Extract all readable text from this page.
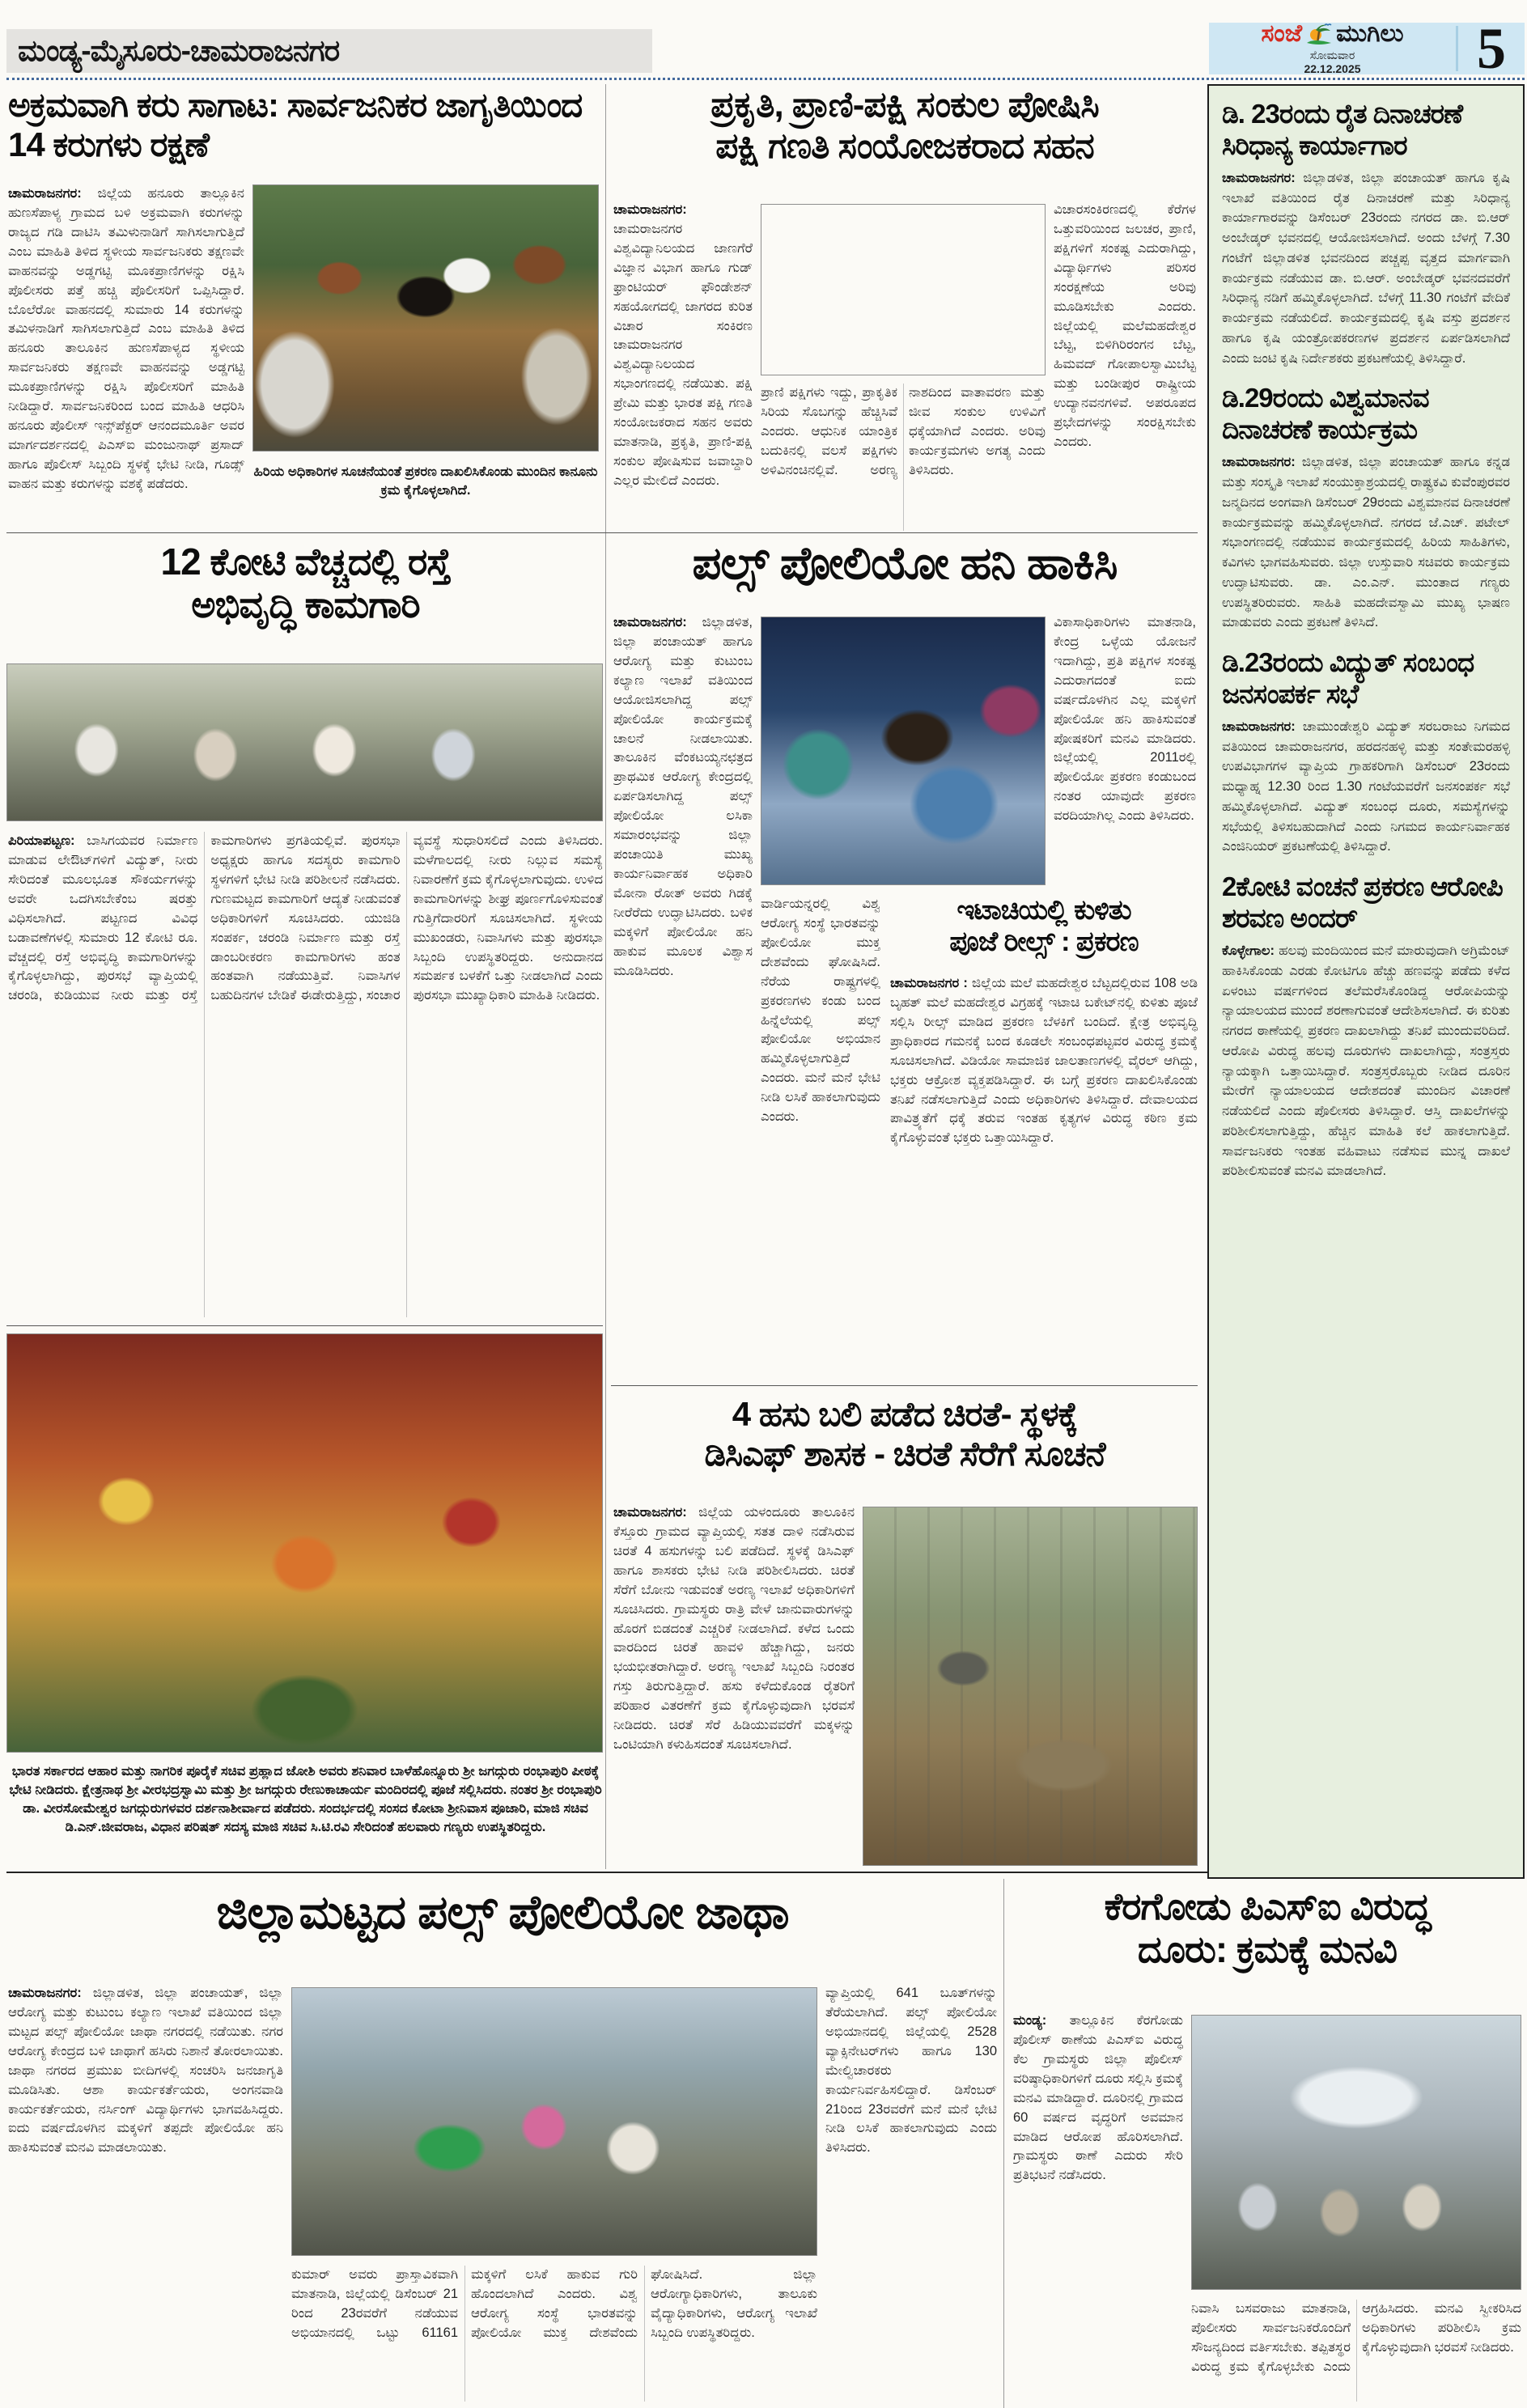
ಮಂಡ್ಯ-ಮೈಸೂರು-ಚಾಮರಾಜನಗರ	ಸಂಜೆ ಮುಗಿಲು
ಸೋಮವಾರ
22.12.2025	5
ಅಕ್ರಮವಾಗಿ ಕರು ಸಾಗಾಟ: ಸಾರ್ವಜನಿಕರ ಜಾಗೃತಿಯಿಂದ 14 ಕರುಗಳು ರಕ್ಷಣೆ
ಚಾಮರಾಜನಗರ: ಜಿಲ್ಲೆಯ ಹನೂರು ತಾಲ್ಲೂಕಿನ ಹುಣಸೆಪಾಳ್ಯ ಗ್ರಾಮದ ಬಳಿ ಅಕ್ರಮವಾಗಿ ಕರುಗಳನ್ನು ರಾಜ್ಯದ ಗಡಿ ದಾಟಿಸಿ ತಮಿಳುನಾಡಿಗೆ ಸಾಗಿಸಲಾಗುತ್ತಿದೆ ಎಂಬ ಮಾಹಿತಿ ತಿಳಿದ ಸ್ಥಳೀಯ ಸಾರ್ವಜನಿಕರು ತಕ್ಷಣವೇ ವಾಹನವನ್ನು ಅಡ್ಡಗಟ್ಟಿ ಮೂಕಪ್ರಾಣಿಗಳನ್ನು ರಕ್ಷಿಸಿ ಪೊಲೀಸರು ಪತ್ತೆ ಹಚ್ಚಿ ಪೊಲೀಸರಿಗೆ ಒಪ್ಪಿಸಿದ್ದಾರೆ. ಬೊಲೆರೋ ವಾಹನದಲ್ಲಿ ಸುಮಾರು 14 ಕರುಗಳನ್ನು ತಮಿಳನಾಡಿಗೆ ಸಾಗಿಸಲಾಗುತ್ತಿದೆ ಎಂಬ ಮಾಹಿತಿ ತಿಳಿದ ಹನೂರು ತಾಲೂಕಿನ ಹುಣಸೆಪಾಳ್ಯದ ಸ್ಥಳೀಯ ಸಾರ್ವಜನಿಕರು ತಕ್ಷಣವೇ ವಾಹನವನ್ನು ಅಡ್ಡಗಟ್ಟಿ ಮೂಕಪ್ರಾಣಿಗಳನ್ನು ರಕ್ಷಿಸಿ ಪೊಲೀಸರಿಗೆ ಮಾಹಿತಿ ನೀಡಿದ್ದಾರೆ. ಸಾರ್ವಜನಿಕರಿಂದ ಬಂದ ಮಾಹಿತಿ ಆಧರಿಸಿ ಹನೂರು ಪೊಲೀಸ್ ಇನ್ಸ್‌ಪೆಕ್ಟರ್ ಆನಂದಮೂರ್ತಿ ಅವರ ಮಾರ್ಗದರ್ಶನದಲ್ಲಿ ಪಿಎಸ್ಐ ಮಂಜುನಾಥ್ ಪ್ರಸಾದ್ ಹಾಗೂ ಪೊಲೀಸ್ ಸಿಬ್ಬಂದಿ ಸ್ಥಳಕ್ಕೆ ಭೇಟಿ ನೀಡಿ, ಗೂಡ್ಸ್ ವಾಹನ ಮತ್ತು ಕರುಗಳನ್ನು ವಶಕ್ಕೆ ಪಡೆದರು.
ಹಿರಿಯ ಅಧಿಕಾರಿಗಳ ಸೂಚನೆಯಂತೆ ಪ್ರಕರಣ ದಾಖಲಿಸಿಕೊಂಡು ಮುಂದಿನ ಕಾನೂನು ಕ್ರಮ ಕೈಗೊಳ್ಳಲಾಗಿದೆ.
ಪ್ರಕೃತಿ, ಪ್ರಾಣಿ-ಪಕ್ಷಿ ಸಂಕುಲ ಪೋಷಿಸಿ
ಪಕ್ಷಿ ಗಣತಿ ಸಂಯೋಜಕರಾದ ಸಹನ
ಚಾಮರಾಜನಗರ: ಚಾಮರಾಜನಗರ ವಿಶ್ವವಿದ್ಯಾನಿಲಯದ ಜಾಣಗೆರೆ ವಿಜ್ಞಾನ ವಿಭಾಗ ಹಾಗೂ ಗುಡ್ ಫ್ರಾಂಟಿಯರ್ ಫೌಂಡೇಶನ್ ಸಹಯೋಗದಲ್ಲಿ ಜಾಗರದ ಕುರಿತ ವಿಚಾರ ಸಂಕಿರಣ ಚಾಮರಾಜನಗರ ವಿಶ್ವವಿದ್ಯಾನಿಲಯದ ಸಭಾಂಗಣದಲ್ಲಿ ನಡೆಯಿತು. ಪಕ್ಷಿ ಪ್ರೇಮಿ ಮತ್ತು ಭಾರತ ಪಕ್ಷಿ ಗಣತಿ ಸಂಯೋಜಕರಾದ ಸಹನ ಅವರು ಮಾತನಾಡಿ, ಪ್ರಕೃತಿ, ಪ್ರಾಣಿ-ಪಕ್ಷಿ ಸಂಕುಲ ಪೋಷಿಸುವ ಜವಾಬ್ದಾರಿ ಎಲ್ಲರ ಮೇಲಿದೆ ಎಂದರು.
ಪ್ರಾಣಿ ಪಕ್ಷಿಗಳು ಇದ್ದು, ಪ್ರಾಕೃತಿಕ ಸಿರಿಯ ಸೊಬಗನ್ನು ಹೆಚ್ಚಿಸಿವೆ ಎಂದರು. ಆಧುನಿಕ ಯಾಂತ್ರಿಕ ಬದುಕಿನಲ್ಲಿ ವಲಸೆ ಪಕ್ಷಿಗಳು ಅಳಿವಿನಂಚಿನಲ್ಲಿವೆ. ಅರಣ್ಯ ನಾಶದಿಂದ ವಾತಾವರಣ ಮತ್ತು ಜೀವ ಸಂಕುಲ ಉಳಿವಿಗೆ ಧಕ್ಕೆಯಾಗಿದೆ ಎಂದರು. ಅರಿವು ಕಾರ್ಯಕ್ರಮಗಳು ಅಗತ್ಯ ಎಂದು ತಿಳಿಸಿದರು.
ವಿಚಾರಸಂಕಿರಣದಲ್ಲಿ ಕೆರೆಗಳ ಒತ್ತುವರಿಯಿಂದ ಜಲಚರ, ಪ್ರಾಣಿ, ಪಕ್ಷಿಗಳಿಗೆ ಸಂಕಷ್ಟ ಎದುರಾಗಿದ್ದು, ವಿದ್ಯಾರ್ಥಿಗಳು ಪರಿಸರ ಸಂರಕ್ಷಣೆಯ ಅರಿವು ಮೂಡಿಸಬೇಕು ಎಂದರು. ಜಿಲ್ಲೆಯಲ್ಲಿ ಮಲೆಮಹದೇಶ್ವರ ಬೆಟ್ಟ, ಬಿಳಿಗಿರಿರಂಗನ ಬೆಟ್ಟ, ಹಿಮವದ್ ಗೋಪಾಲಸ್ವಾಮಿಬೆಟ್ಟ ಮತ್ತು ಬಂಡೀಪುರ ರಾಷ್ಟ್ರೀಯ ಉದ್ಯಾನವನಗಳಿವೆ. ಅಪರೂಪದ ಪ್ರಭೇದಗಳನ್ನು ಸಂರಕ್ಷಿಸಬೇಕು ಎಂದರು.
12 ಕೋಟಿ ವೆಚ್ಚದಲ್ಲಿ ರಸ್ತೆ
ಅಭಿವೃದ್ಧಿ ಕಾಮಗಾರಿ
ಪಿರಿಯಾಪಟ್ಟಣ: ಬಾಸಿಗಯವರ ನಿರ್ಮಾಣ ಮಾಡುವ ಲೇಔಟ್‌ಗಳಿಗೆ ವಿದ್ಯುತ್, ನೀರು ಸೇರಿದಂತೆ ಮೂಲಭೂತ ಸೌಕರ್ಯಗಳನ್ನು ಅವರೇ ಒದಗಿಸಬೇಕೆಂಬ ಷರತ್ತು ವಿಧಿಸಲಾಗಿದೆ. ಪಟ್ಟಣದ ವಿವಿಧ ಬಡಾವಣೆಗಳಲ್ಲಿ ಸುಮಾರು 12 ಕೋಟಿ ರೂ. ವೆಚ್ಚದಲ್ಲಿ ರಸ್ತೆ ಅಭಿವೃದ್ಧಿ ಕಾಮಗಾರಿಗಳನ್ನು ಕೈಗೊಳ್ಳಲಾಗಿದ್ದು, ಪುರಸಭೆ ವ್ಯಾಪ್ತಿಯಲ್ಲಿ ಚರಂಡಿ, ಕುಡಿಯುವ ನೀರು ಮತ್ತು ರಸ್ತೆ ಕಾಮಗಾರಿಗಳು ಪ್ರಗತಿಯಲ್ಲಿವೆ. ಪುರಸಭಾ ಅಧ್ಯಕ್ಷರು ಹಾಗೂ ಸದಸ್ಯರು ಕಾಮಗಾರಿ ಸ್ಥಳಗಳಿಗೆ ಭೇಟಿ ನೀಡಿ ಪರಿಶೀಲನೆ ನಡೆಸಿದರು. ಗುಣಮಟ್ಟದ ಕಾಮಗಾರಿಗೆ ಆದ್ಯತೆ ನೀಡುವಂತೆ ಅಧಿಕಾರಿಗಳಿಗೆ ಸೂಚಿಸಿದರು. ಯುಜಿಡಿ ಸಂಪರ್ಕ, ಚರಂಡಿ ನಿರ್ಮಾಣ ಮತ್ತು ರಸ್ತೆ ಡಾಂಬರೀಕರಣ ಕಾಮಗಾರಿಗಳು ಹಂತ ಹಂತವಾಗಿ ನಡೆಯುತ್ತಿವೆ. ನಿವಾಸಿಗಳ ಬಹುದಿನಗಳ ಬೇಡಿಕೆ ಈಡೇರುತ್ತಿದ್ದು, ಸಂಚಾರ ವ್ಯವಸ್ಥೆ ಸುಧಾರಿಸಲಿದೆ ಎಂದು ತಿಳಿಸಿದರು. ಮಳೆಗಾಲದಲ್ಲಿ ನೀರು ನಿಲ್ಲುವ ಸಮಸ್ಯೆ ನಿವಾರಣೆಗೆ ಕ್ರಮ ಕೈಗೊಳ್ಳಲಾಗುವುದು. ಉಳಿದ ಕಾಮಗಾರಿಗಳನ್ನು ಶೀಘ್ರ ಪೂರ್ಣಗೊಳಿಸುವಂತೆ ಗುತ್ತಿಗೆದಾರರಿಗೆ ಸೂಚಿಸಲಾಗಿದೆ. ಸ್ಥಳೀಯ ಮುಖಂಡರು, ನಿವಾಸಿಗಳು ಮತ್ತು ಪುರಸಭಾ ಸಿಬ್ಬಂದಿ ಉಪಸ್ಥಿತರಿದ್ದರು. ಅನುದಾನದ ಸಮರ್ಪಕ ಬಳಕೆಗೆ ಒತ್ತು ನೀಡಲಾಗಿದೆ ಎಂದು ಪುರಸಭಾ ಮುಖ್ಯಾಧಿಕಾರಿ ಮಾಹಿತಿ ನೀಡಿದರು.
ಪಲ್ಸ್ ಪೋಲಿಯೋ ಹನಿ ಹಾಕಿಸಿ
ಚಾಮರಾಜನಗರ: ಜಿಲ್ಲಾಡಳಿತ, ಜಿಲ್ಲಾ ಪಂಚಾಯತ್ ಹಾಗೂ ಆರೋಗ್ಯ ಮತ್ತು ಕುಟುಂಬ ಕಲ್ಯಾಣ ಇಲಾಖೆ ವತಿಯಿಂದ ಆಯೋಜಿಸಲಾಗಿದ್ದ ಪಲ್ಸ್ ಪೋಲಿಯೋ ಕಾರ್ಯಕ್ರಮಕ್ಕೆ ಚಾಲನೆ ನೀಡಲಾಯಿತು. ತಾಲೂಕಿನ ವೆಂಕಟಯ್ಯನಛತ್ರದ ಪ್ರಾಥಮಿಕ ಆರೋಗ್ಯ ಕೇಂದ್ರದಲ್ಲಿ ಏರ್ಪಡಿಸಲಾಗಿದ್ದ ಪಲ್ಸ್ ಪೋಲಿಯೋ ಲಸಿಕಾ ಸಮಾರಂಭವನ್ನು ಜಿಲ್ಲಾ ಪಂಚಾಯಿತಿ ಮುಖ್ಯ ಕಾರ್ಯನಿರ್ವಾಹಕ ಅಧಿಕಾರಿ ಮೋನಾ ರೋತ್ ಅವರು ಗಿಡಕ್ಕೆ ನೀರೆರೆದು ಉದ್ಘಾಟಿಸಿದರು. ಬಳಿಕ ಮಕ್ಕಳಿಗೆ ಪೋಲಿಯೋ ಹನಿ ಹಾಕುವ ಮೂಲಕ ವಿಶ್ವಾಸ ಮೂಡಿಸಿದರು.
ವಾರ್ಡಿಯನ್ನರಲ್ಲಿ ವಿಶ್ವ ಆರೋಗ್ಯ ಸಂಸ್ಥೆ ಭಾರತವನ್ನು ಪೋಲಿಯೋ ಮುಕ್ತ ದೇಶವೆಂದು ಘೋಷಿಸಿದೆ. ನೆರೆಯ ರಾಷ್ಟ್ರಗಳಲ್ಲಿ ಪ್ರಕರಣಗಳು ಕಂಡು ಬಂದ ಹಿನ್ನೆಲೆಯಲ್ಲಿ ಪಲ್ಸ್ ಪೋಲಿಯೋ ಅಭಿಯಾನ ಹಮ್ಮಿಕೊಳ್ಳಲಾಗುತ್ತಿದೆ ಎಂದರು. ಮನೆ ಮನೆ ಭೇಟಿ ನೀಡಿ ಲಸಿಕೆ ಹಾಕಲಾಗುವುದು ಎಂದರು.
ವಿಕಾಸಾಧಿಕಾರಿಗಳು ಮಾತನಾಡಿ, ಕೇಂದ್ರ ಒಳ್ಳೆಯ ಯೋಜನೆ ಇದಾಗಿದ್ದು, ಪ್ರತಿ ಪಕ್ಷಿಗಳ ಸಂಕಷ್ಟ ಎದುರಾಗದಂತೆ ಐದು ವರ್ಷದೊಳಗಿನ ಎಲ್ಲ ಮಕ್ಕಳಿಗೆ ಪೋಲಿಯೋ ಹನಿ ಹಾಕಿಸುವಂತೆ ಪೋಷಕರಿಗೆ ಮನವಿ ಮಾಡಿದರು. ಜಿಲ್ಲೆಯಲ್ಲಿ 2011ರಲ್ಲಿ ಪೋಲಿಯೋ ಪ್ರಕರಣ ಕಂಡುಬಂದ ನಂತರ ಯಾವುದೇ ಪ್ರಕರಣ ವರದಿಯಾಗಿಲ್ಲ ಎಂದು ತಿಳಿಸಿದರು.
ಇಟಾಚಿಯಲ್ಲಿ ಕುಳಿತು
ಪೂಜೆ ರೀಲ್ಸ್ : ಪ್ರಕರಣ
ಚಾಮರಾಜನಗರ : ಜಿಲ್ಲೆಯ ಮಲೆ ಮಹದೇಶ್ವರ ಬೆಟ್ಟದಲ್ಲಿರುವ 108 ಅಡಿ ಬೃಹತ್ ಮಲೆ ಮಹದೇಶ್ವರ ವಿಗ್ರಹಕ್ಕೆ ಇಟಾಚಿ ಬಕೇಟ್‌ನಲ್ಲಿ ಕುಳಿತು ಪೂಜೆ ಸಲ್ಲಿಸಿ ರೀಲ್ಸ್ ಮಾಡಿದ ಪ್ರಕರಣ ಬೆಳಕಿಗೆ ಬಂದಿದೆ. ಕ್ಷೇತ್ರ ಅಭಿವೃದ್ಧಿ ಪ್ರಾಧಿಕಾರದ ಗಮನಕ್ಕೆ ಬಂದ ಕೂಡಲೇ ಸಂಬಂಧಪಟ್ಟವರ ವಿರುದ್ಧ ಕ್ರಮಕ್ಕೆ ಸೂಚಿಸಲಾಗಿದೆ. ವಿಡಿಯೋ ಸಾಮಾಜಿಕ ಜಾಲತಾಣಗಳಲ್ಲಿ ವೈರಲ್ ಆಗಿದ್ದು, ಭಕ್ತರು ಆಕ್ರೋಶ ವ್ಯಕ್ತಪಡಿಸಿದ್ದಾರೆ. ಈ ಬಗ್ಗೆ ಪ್ರಕರಣ ದಾಖಲಿಸಿಕೊಂಡು ತನಿಖೆ ನಡೆಸಲಾಗುತ್ತಿದೆ ಎಂದು ಅಧಿಕಾರಿಗಳು ತಿಳಿಸಿದ್ದಾರೆ. ದೇವಾಲಯದ ಪಾವಿತ್ರ್ಯತೆಗೆ ಧಕ್ಕೆ ತರುವ ಇಂತಹ ಕೃತ್ಯಗಳ ವಿರುದ್ಧ ಕಠಿಣ ಕ್ರಮ ಕೈಗೊಳ್ಳುವಂತೆ ಭಕ್ತರು ಒತ್ತಾಯಿಸಿದ್ದಾರೆ.
ಭಾರತ ಸರ್ಕಾರದ ಆಹಾರ ಮತ್ತು ನಾಗರಿಕ ಪೂರೈಕೆ ಸಚಿವ ಪ್ರಹ್ಲಾದ ಜೋಶಿ ಅವರು ಶನಿವಾರ ಬಾಳೆಹೊನ್ನೂರು ಶ್ರೀ ಜಗದ್ಗುರು ರಂಭಾಪುರಿ ಪೀಠಕ್ಕೆ ಭೇಟಿ ನೀಡಿದರು. ಕ್ಷೇತ್ರನಾಥ ಶ್ರೀ ವೀರಭದ್ರಸ್ವಾಮಿ ಮತ್ತು ಶ್ರೀ ಜಗದ್ಗುರು ರೇಣುಕಾಚಾರ್ಯ ಮಂದಿರದಲ್ಲಿ ಪೂಜೆ ಸಲ್ಲಿಸಿದರು. ನಂತರ ಶ್ರೀ ರಂಭಾಪುರಿ ಡಾ. ವೀರಸೋಮೇಶ್ವರ ಜಗದ್ಗುರುಗಳವರ ದರ್ಶನಾಶೀರ್ವಾದ ಪಡೆದರು. ಸಂದರ್ಭದಲ್ಲಿ ಸಂಸದ ಕೋಟಾ ಶ್ರೀನಿವಾಸ ಪೂಜಾರಿ, ಮಾಜಿ ಸಚಿವ ಡಿ.ಎನ್.ಜೀವರಾಜ, ವಿಧಾನ ಪರಿಷತ್ ಸದಸ್ಯ ಮಾಜಿ ಸಚಿವ ಸಿ.ಟಿ.ರವಿ ಸೇರಿದಂತೆ ಹಲವಾರು ಗಣ್ಯರು ಉಪಸ್ಥಿತರಿದ್ದರು.
4 ಹಸು ಬಲಿ ಪಡೆದ ಚಿರತೆ- ಸ್ಥಳಕ್ಕೆ
ಡಿಸಿಎಫ್ ಶಾಸಕ - ಚಿರತೆ ಸೆರೆಗೆ ಸೂಚನೆ
ಚಾಮರಾಜನಗರ: ಜಿಲ್ಲೆಯ ಯಳಂದೂರು ತಾಲೂಕಿನ ಕೆಸ್ತೂರು ಗ್ರಾಮದ ವ್ಯಾಪ್ತಿಯಲ್ಲಿ ಸತತ ದಾಳಿ ನಡೆಸಿರುವ ಚಿರತೆ 4 ಹಸುಗಳನ್ನು ಬಲಿ ಪಡೆದಿದೆ. ಸ್ಥಳಕ್ಕೆ ಡಿಸಿಎಫ್ ಹಾಗೂ ಶಾಸಕರು ಭೇಟಿ ನೀಡಿ ಪರಿಶೀಲಿಸಿದರು. ಚಿರತೆ ಸೆರೆಗೆ ಬೋನು ಇಡುವಂತೆ ಅರಣ್ಯ ಇಲಾಖೆ ಅಧಿಕಾರಿಗಳಿಗೆ ಸೂಚಿಸಿದರು. ಗ್ರಾಮಸ್ಥರು ರಾತ್ರಿ ವೇಳೆ ಜಾನುವಾರುಗಳನ್ನು ಹೊರಗೆ ಬಿಡದಂತೆ ಎಚ್ಚರಿಕೆ ನೀಡಲಾಗಿದೆ. ಕಳೆದ ಒಂದು ವಾರದಿಂದ ಚಿರತೆ ಹಾವಳಿ ಹೆಚ್ಚಾಗಿದ್ದು, ಜನರು ಭಯಭೀತರಾಗಿದ್ದಾರೆ. ಅರಣ್ಯ ಇಲಾಖೆ ಸಿಬ್ಬಂದಿ ನಿರಂತರ ಗಸ್ತು ತಿರುಗುತ್ತಿದ್ದಾರೆ. ಹಸು ಕಳೆದುಕೊಂಡ ರೈತರಿಗೆ ಪರಿಹಾರ ವಿತರಣೆಗೆ ಕ್ರಮ ಕೈಗೊಳ್ಳುವುದಾಗಿ ಭರವಸೆ ನೀಡಿದರು. ಚಿರತೆ ಸೆರೆ ಹಿಡಿಯುವವರೆಗೆ ಮಕ್ಕಳನ್ನು ಒಂಟಿಯಾಗಿ ಕಳುಹಿಸದಂತೆ ಸೂಚಿಸಲಾಗಿದೆ.
ಜಿಲ್ಲಾಮಟ್ಟದ ಪಲ್ಸ್ ಪೋಲಿಯೋ ಜಾಥಾ
ಚಾಮರಾಜನಗರ: ಜಿಲ್ಲಾಡಳಿತ, ಜಿಲ್ಲಾ ಪಂಚಾಯತ್, ಜಿಲ್ಲಾ ಆರೋಗ್ಯ ಮತ್ತು ಕುಟುಂಬ ಕಲ್ಯಾಣ ಇಲಾಖೆ ವತಿಯಿಂದ ಜಿಲ್ಲಾ ಮಟ್ಟದ ಪಲ್ಸ್ ಪೋಲಿಯೋ ಜಾಥಾ ನಗರದಲ್ಲಿ ನಡೆಯಿತು. ನಗರ ಆರೋಗ್ಯ ಕೇಂದ್ರದ ಬಳಿ ಜಾಥಾಗೆ ಹಸಿರು ನಿಶಾನೆ ತೋರಲಾಯಿತು. ಜಾಥಾ ನಗರದ ಪ್ರಮುಖ ಬೀದಿಗಳಲ್ಲಿ ಸಂಚರಿಸಿ ಜನಜಾಗೃತಿ ಮೂಡಿಸಿತು. ಆಶಾ ಕಾರ್ಯಕರ್ತೆಯರು, ಅಂಗನವಾಡಿ ಕಾರ್ಯಕರ್ತೆಯರು, ನರ್ಸಿಂಗ್ ವಿದ್ಯಾರ್ಥಿಗಳು ಭಾಗವಹಿಸಿದ್ದರು. ಐದು ವರ್ಷದೊಳಗಿನ ಮಕ್ಕಳಿಗೆ ತಪ್ಪದೇ ಪೋಲಿಯೋ ಹನಿ ಹಾಕಿಸುವಂತೆ ಮನವಿ ಮಾಡಲಾಯಿತು.
ವ್ಯಾಪ್ತಿಯಲ್ಲಿ 641 ಬೂತ್‌ಗಳನ್ನು ತೆರೆಯಲಾಗಿದೆ. ಪಲ್ಸ್ ಪೋಲಿಯೋ ಅಭಿಯಾನದಲ್ಲಿ ಜಿಲ್ಲೆಯಲ್ಲಿ 2528 ವ್ಯಾಕ್ಸಿನೇಟರ್‌ಗಳು ಹಾಗೂ 130 ಮೇಲ್ವಿಚಾರಕರು ಕಾರ್ಯನಿರ್ವಹಿಸಲಿದ್ದಾರೆ. ಡಿಸೆಂಬರ್ 21ರಿಂದ 23ರವರೆಗೆ ಮನೆ ಮನೆ ಭೇಟಿ ನೀಡಿ ಲಸಿಕೆ ಹಾಕಲಾಗುವುದು ಎಂದು ತಿಳಿಸಿದರು.
ಕುಮಾರ್ ಅವರು ಪ್ರಾಸ್ತಾವಿಕವಾಗಿ ಮಾತನಾಡಿ, ಜಿಲ್ಲೆಯಲ್ಲಿ ಡಿಸೆಂಬರ್ 21 ರಿಂದ 23ರವರೆಗೆ ನಡೆಯುವ ಅಭಿಯಾನದಲ್ಲಿ ಒಟ್ಟು 61161 ಮಕ್ಕಳಿಗೆ ಲಸಿಕೆ ಹಾಕುವ ಗುರಿ ಹೊಂದಲಾಗಿದೆ ಎಂದರು. ವಿಶ್ವ ಆರೋಗ್ಯ ಸಂಸ್ಥೆ ಭಾರತವನ್ನು ಪೋಲಿಯೋ ಮುಕ್ತ ದೇಶವೆಂದು ಘೋಷಿಸಿದೆ. ಜಿಲ್ಲಾ ಆರೋಗ್ಯಾಧಿಕಾರಿಗಳು, ತಾಲೂಕು ವೈದ್ಯಾಧಿಕಾರಿಗಳು, ಆರೋಗ್ಯ ಇಲಾಖೆ ಸಿಬ್ಬಂದಿ ಉಪಸ್ಥಿತರಿದ್ದರು.
ಕೆರಗೋಡು ಪಿಎಸ್‌ಐ ವಿರುದ್ಧ
ದೂರು: ಕ್ರಮಕ್ಕೆ ಮನವಿ
ಮಂಡ್ಯ: ತಾಲ್ಲೂಕಿನ ಕೆರಗೋಡು ಪೊಲೀಸ್ ಠಾಣೆಯ ಪಿಎಸ್ಐ ವಿರುದ್ಧ ಕೆಲ ಗ್ರಾಮಸ್ಥರು ಜಿಲ್ಲಾ ಪೊಲೀಸ್ ವರಿಷ್ಠಾಧಿಕಾರಿಗಳಿಗೆ ದೂರು ಸಲ್ಲಿಸಿ ಕ್ರಮಕ್ಕೆ ಮನವಿ ಮಾಡಿದ್ದಾರೆ. ದೂರಿನಲ್ಲಿ ಗ್ರಾಮದ 60 ವರ್ಷದ ವೃದ್ಧರಿಗೆ ಅವಮಾನ ಮಾಡಿದ ಆರೋಪ ಹೊರಿಸಲಾಗಿದೆ. ಗ್ರಾಮಸ್ಥರು ಠಾಣೆ ಎದುರು ಸೇರಿ ಪ್ರತಿಭಟನೆ ನಡೆಸಿದರು.
ನಿವಾಸಿ ಬಸವರಾಜು ಮಾತನಾಡಿ, ಪೊಲೀಸರು ಸಾರ್ವಜನಿಕರೊಂದಿಗೆ ಸೌಜನ್ಯದಿಂದ ವರ್ತಿಸಬೇಕು. ತಪ್ಪಿತಸ್ಥರ ವಿರುದ್ಧ ಕ್ರಮ ಕೈಗೊಳ್ಳಬೇಕು ಎಂದು ಆಗ್ರಹಿಸಿದರು. ಮನವಿ ಸ್ವೀಕರಿಸಿದ ಅಧಿಕಾರಿಗಳು ಪರಿಶೀಲಿಸಿ ಕ್ರಮ ಕೈಗೊಳ್ಳುವುದಾಗಿ ಭರವಸೆ ನೀಡಿದರು.
ಡಿ. 23ರಂದು ರೈತ ದಿನಾಚರಣೆ ಸಿರಿಧಾನ್ಯ ಕಾರ್ಯಾಗಾರ
ಚಾಮರಾಜನಗರ: ಜಿಲ್ಲಾಡಳಿತ, ಜಿಲ್ಲಾ ಪಂಚಾಯತ್ ಹಾಗೂ ಕೃಷಿ ಇಲಾಖೆ ವತಿಯಿಂದ ರೈತ ದಿನಾಚರಣೆ ಮತ್ತು ಸಿರಿಧಾನ್ಯ ಕಾರ್ಯಾಗಾರವನ್ನು ಡಿಸೆಂಬರ್ 23ರಂದು ನಗರದ ಡಾ. ಬಿ.ಆರ್ ಅಂಬೇಡ್ಕರ್ ಭವನದಲ್ಲಿ ಆಯೋಜಿಸಲಾಗಿದೆ. ಅಂದು ಬೆಳಗ್ಗೆ 7.30 ಗಂಟೆಗೆ ಜಿಲ್ಲಾಡಳಿತ ಭವನದಿಂದ ಪಚ್ಚಪ್ಪ ವೃತ್ತದ ಮಾರ್ಗವಾಗಿ ಕಾರ್ಯಕ್ರಮ ನಡೆಯುವ ಡಾ. ಬಿ.ಆರ್. ಅಂಬೇಡ್ಕರ್ ಭವನದವರೆಗೆ ಸಿರಿಧಾನ್ಯ ನಡಿಗೆ ಹಮ್ಮಿಕೊಳ್ಳಲಾಗಿದೆ. ಬೆಳಗ್ಗೆ 11.30 ಗಂಟೆಗೆ ವೇದಿಕೆ ಕಾರ್ಯಕ್ರಮ ನಡೆಯಲಿದೆ. ಕಾರ್ಯಕ್ರಮದಲ್ಲಿ ಕೃಷಿ ವಸ್ತು ಪ್ರದರ್ಶನ ಹಾಗೂ ಕೃಷಿ ಯಂತ್ರೋಪಕರಣಗಳ ಪ್ರದರ್ಶನ ಏರ್ಪಡಿಸಲಾಗಿದೆ ಎಂದು ಜಂಟಿ ಕೃಷಿ ನಿರ್ದೇಶಕರು ಪ್ರಕಟಣೆಯಲ್ಲಿ ತಿಳಿಸಿದ್ದಾರೆ.
ಡಿ.29ರಂದು ವಿಶ್ವಮಾನವ ದಿನಾಚರಣೆ ಕಾರ್ಯಕ್ರಮ
ಚಾಮರಾಜನಗರ: ಜಿಲ್ಲಾಡಳಿತ, ಜಿಲ್ಲಾ ಪಂಚಾಯತ್ ಹಾಗೂ ಕನ್ನಡ ಮತ್ತು ಸಂಸ್ಕೃತಿ ಇಲಾಖೆ ಸಂಯುಕ್ತಾಶ್ರಯದಲ್ಲಿ ರಾಷ್ಟ್ರಕವಿ ಕುವೆಂಪುರವರ ಜನ್ಮದಿನದ ಅಂಗವಾಗಿ ಡಿಸೆಂಬರ್ 29ರಂದು ವಿಶ್ವಮಾನವ ದಿನಾಚರಣೆ ಕಾರ್ಯಕ್ರಮವನ್ನು ಹಮ್ಮಿಕೊಳ್ಳಲಾಗಿದೆ. ನಗರದ ಜೆ.ಎಚ್. ಪಟೇಲ್ ಸಭಾಂಗಣದಲ್ಲಿ ನಡೆಯುವ ಕಾರ್ಯಕ್ರಮದಲ್ಲಿ ಹಿರಿಯ ಸಾಹಿತಿಗಳು, ಕವಿಗಳು ಭಾಗವಹಿಸುವರು. ಜಿಲ್ಲಾ ಉಸ್ತುವಾರಿ ಸಚಿವರು ಕಾರ್ಯಕ್ರಮ ಉದ್ಘಾಟಿಸುವರು. ಡಾ. ಎಂ.ಎನ್. ಮುಂತಾದ ಗಣ್ಯರು ಉಪಸ್ಥಿತರಿರುವರು. ಸಾಹಿತಿ ಮಹದೇವಸ್ವಾಮಿ ಮುಖ್ಯ ಭಾಷಣ ಮಾಡುವರು ಎಂದು ಪ್ರಕಟಣೆ ತಿಳಿಸಿದೆ.
ಡಿ.23ರಂದು ವಿದ್ಯುತ್ ಸಂಬಂಧ ಜನಸಂಪರ್ಕ ಸಭೆ
ಚಾಮರಾಜನಗರ: ಚಾಮುಂಡೇಶ್ವರಿ ವಿದ್ಯುತ್ ಸರಬರಾಜು ನಿಗಮದ ವತಿಯಿಂದ ಚಾಮರಾಜನಗರ, ಹರದನಹಳ್ಳಿ ಮತ್ತು ಸಂತೇಮರಹಳ್ಳಿ ಉಪವಿಭಾಗಗಳ ವ್ಯಾಪ್ತಿಯ ಗ್ರಾಹಕರಿಗಾಗಿ ಡಿಸೆಂಬರ್ 23ರಂದು ಮಧ್ಯಾಹ್ನ 12.30 ರಿಂದ 1.30 ಗಂಟೆಯವರೆಗೆ ಜನಸಂಪರ್ಕ ಸಭೆ ಹಮ್ಮಿಕೊಳ್ಳಲಾಗಿದೆ. ವಿದ್ಯುತ್ ಸಂಬಂಧ ದೂರು, ಸಮಸ್ಯೆಗಳನ್ನು ಸಭೆಯಲ್ಲಿ ತಿಳಿಸಬಹುದಾಗಿದೆ ಎಂದು ನಿಗಮದ ಕಾರ್ಯನಿರ್ವಾಹಕ ಎಂಜಿನಿಯರ್ ಪ್ರಕಟಣೆಯಲ್ಲಿ ತಿಳಿಸಿದ್ದಾರೆ.
2ಕೋಟಿ ವಂಚನೆ ಪ್ರಕರಣ ಆರೋಪಿ ಶರವಣ ಅಂದರ್
ಕೊಳ್ಳೇಗಾಲ: ಹಲವು ಮಂದಿಯಿಂದ ಮನೆ ಮಾರುವುದಾಗಿ ಅಗ್ರಿಮೆಂಟ್ ಹಾಕಿಸಿಕೊಂಡು ಎರಡು ಕೋಟಿಗೂ ಹೆಚ್ಚು ಹಣವನ್ನು ಪಡೆದು ಕಳೆದ ಏಳಂಟು ವರ್ಷಗಳಿಂದ ತಲೆಮರೆಸಿಕೊಂಡಿದ್ದ ಆರೋಪಿಯನ್ನು ನ್ಯಾಯಾಲಯದ ಮುಂದೆ ಶರಣಾಗುವಂತೆ ಆದೇಶಿಸಲಾಗಿದೆ. ಈ ಕುರಿತು ನಗರದ ಠಾಣೆಯಲ್ಲಿ ಪ್ರಕರಣ ದಾಖಲಾಗಿದ್ದು ತನಿಖೆ ಮುಂದುವರಿದಿದೆ. ಆರೋಪಿ ವಿರುದ್ಧ ಹಲವು ದೂರುಗಳು ದಾಖಲಾಗಿದ್ದು, ಸಂತ್ರಸ್ತರು ನ್ಯಾಯಕ್ಕಾಗಿ ಒತ್ತಾಯಿಸಿದ್ದಾರೆ. ಸಂತ್ರಸ್ತರೊಬ್ಬರು ನೀಡಿದ ದೂರಿನ ಮೇರೆಗೆ ನ್ಯಾಯಾಲಯದ ಆದೇಶದಂತೆ ಮುಂದಿನ ವಿಚಾರಣೆ ನಡೆಯಲಿದೆ ಎಂದು ಪೊಲೀಸರು ತಿಳಿಸಿದ್ದಾರೆ. ಆಸ್ತಿ ದಾಖಲೆಗಳನ್ನು ಪರಿಶೀಲಿಸಲಾಗುತ್ತಿದ್ದು, ಹೆಚ್ಚಿನ ಮಾಹಿತಿ ಕಲೆ ಹಾಕಲಾಗುತ್ತಿದೆ. ಸಾರ್ವಜನಿಕರು ಇಂತಹ ವಹಿವಾಟು ನಡೆಸುವ ಮುನ್ನ ದಾಖಲೆ ಪರಿಶೀಲಿಸುವಂತೆ ಮನವಿ ಮಾಡಲಾಗಿದೆ.
